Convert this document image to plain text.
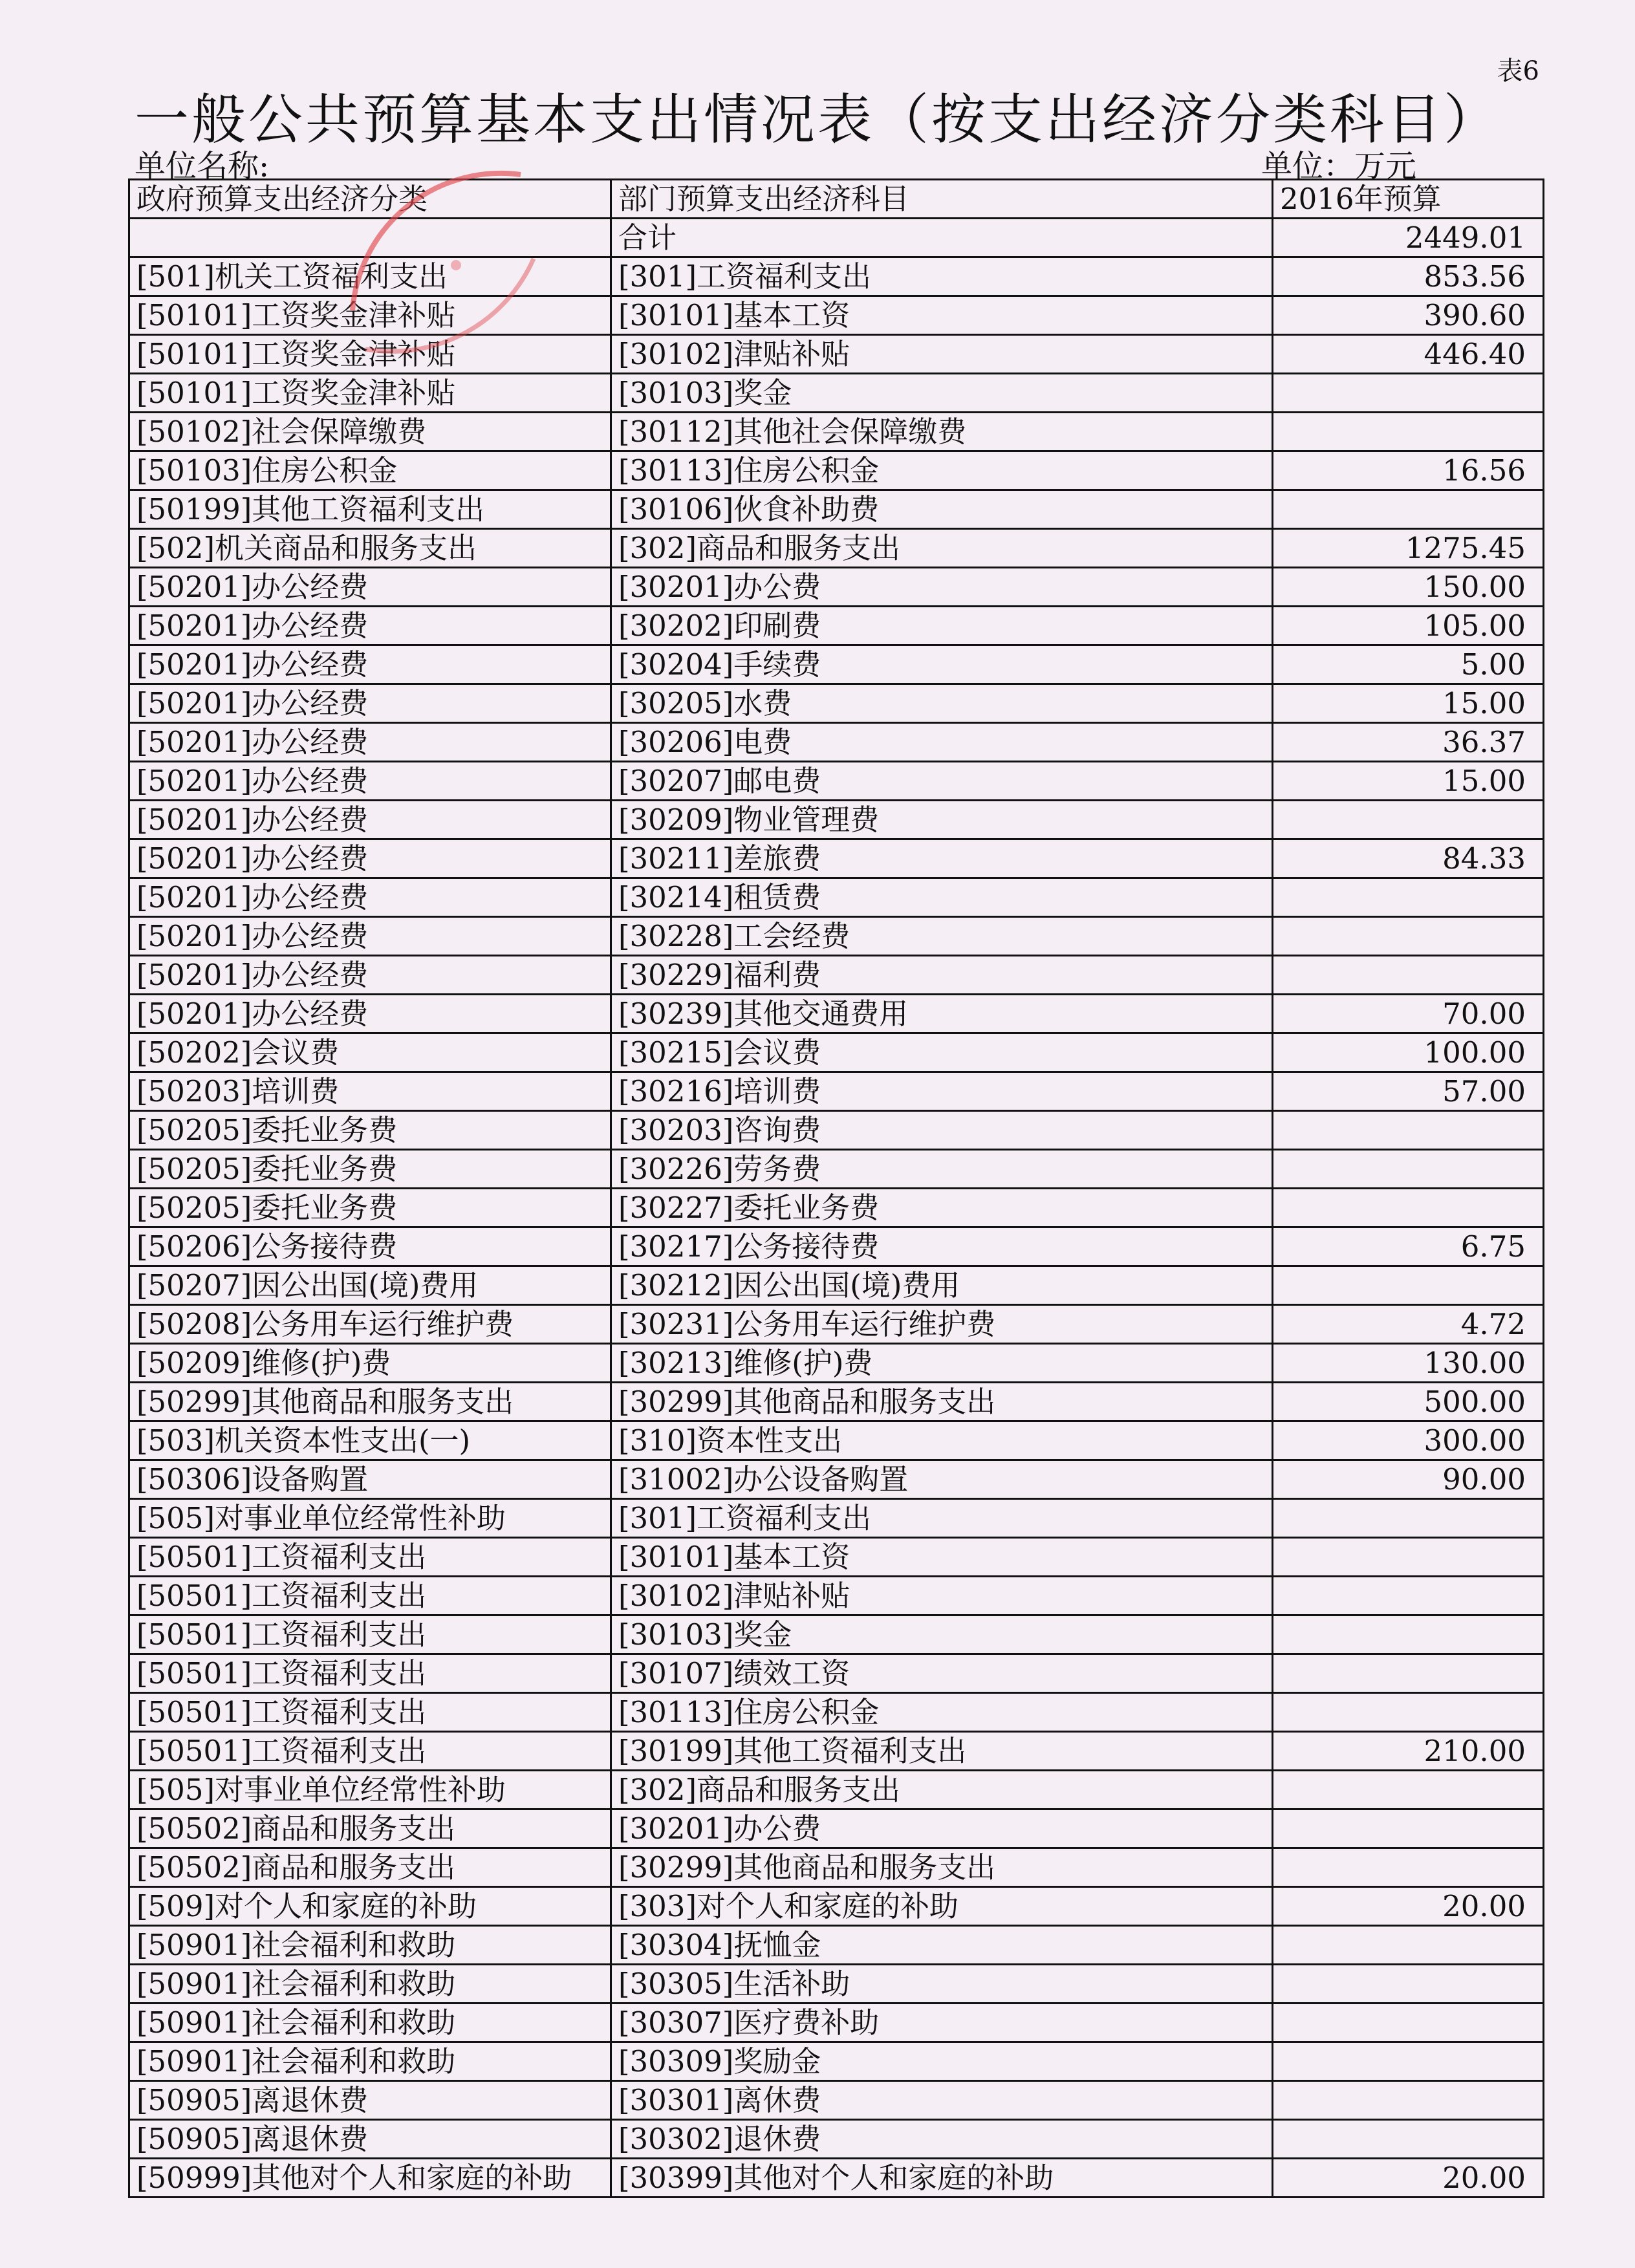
表6
一般公共预算基本支出情况表（按支出经济分类科目）
单位名称:	单位：万元
政府预算支出经济分类	部门预算支出经济科目	2016年预算
	合计	2449.01
[501]机关工资福利支出	[301]工资福利支出	853.56
[50101]工资奖金津补贴	[30101]基本工资	390.60
[50101]工资奖金津补贴	[30102]津贴补贴	446.40
[50101]工资奖金津补贴	[30103]奖金	
[50102]社会保障缴费	[30112]其他社会保障缴费	
[50103]住房公积金	[30113]住房公积金	16.56
[50199]其他工资福利支出	[30106]伙食补助费	
[502]机关商品和服务支出	[302]商品和服务支出	1275.45
[50201]办公经费	[30201]办公费	150.00
[50201]办公经费	[30202]印刷费	105.00
[50201]办公经费	[30204]手续费	5.00
[50201]办公经费	[30205]水费	15.00
[50201]办公经费	[30206]电费	36.37
[50201]办公经费	[30207]邮电费	15.00
[50201]办公经费	[30209]物业管理费	
[50201]办公经费	[30211]差旅费	84.33
[50201]办公经费	[30214]租赁费	
[50201]办公经费	[30228]工会经费	
[50201]办公经费	[30229]福利费	
[50201]办公经费	[30239]其他交通费用	70.00
[50202]会议费	[30215]会议费	100.00
[50203]培训费	[30216]培训费	57.00
[50205]委托业务费	[30203]咨询费	
[50205]委托业务费	[30226]劳务费	
[50205]委托业务费	[30227]委托业务费	
[50206]公务接待费	[30217]公务接待费	6.75
[50207]因公出国(境)费用	[30212]因公出国(境)费用	
[50208]公务用车运行维护费	[30231]公务用车运行维护费	4.72
[50209]维修(护)费	[30213]维修(护)费	130.00
[50299]其他商品和服务支出	[30299]其他商品和服务支出	500.00
[503]机关资本性支出(一)	[310]资本性支出	300.00
[50306]设备购置	[31002]办公设备购置	90.00
[505]对事业单位经常性补助	[301]工资福利支出	
[50501]工资福利支出	[30101]基本工资	
[50501]工资福利支出	[30102]津贴补贴	
[50501]工资福利支出	[30103]奖金	
[50501]工资福利支出	[30107]绩效工资	
[50501]工资福利支出	[30113]住房公积金	
[50501]工资福利支出	[30199]其他工资福利支出	210.00
[505]对事业单位经常性补助	[302]商品和服务支出	
[50502]商品和服务支出	[30201]办公费	
[50502]商品和服务支出	[30299]其他商品和服务支出	
[509]对个人和家庭的补助	[303]对个人和家庭的补助	20.00
[50901]社会福利和救助	[30304]抚恤金	
[50901]社会福利和救助	[30305]生活补助	
[50901]社会福利和救助	[30307]医疗费补助	
[50901]社会福利和救助	[30309]奖励金	
[50905]离退休费	[30301]离休费	
[50905]离退休费	[30302]退休费	
[50999]其他对个人和家庭的补助	[30399]其他对个人和家庭的补助	20.00
